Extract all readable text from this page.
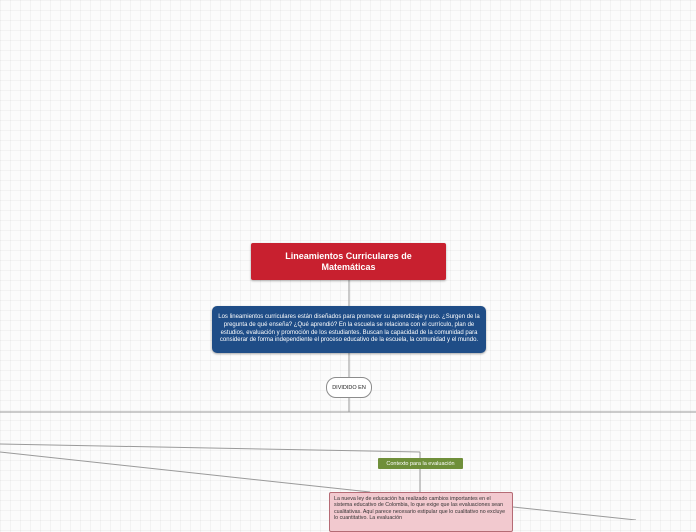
Lineamientos Curriculares de Matemáticas
Los lineamientos curriculares están diseñados para promover su aprendizaje y uso. ¿Surgen de la pregunta de qué enseña? ¿Qué aprendió? En la escuela se relaciona con el currículo, plan de estudios, evaluación y promoción de los estudiantes. Buscan la capacidad de la comunidad para considerar de forma independiente el proceso educativo de la escuela, la comunidad y el mundo.
DIVIDIDO EN
Contexto para la evaluación
La nueva ley de educación ha realizado cambios importantes en el sistema educativo de Colombia, lo que exige que las evaluaciones sean cualitativas. Aquí parece necesario estipular que lo cualitativo no excluye lo cuantitativo. La evaluación
